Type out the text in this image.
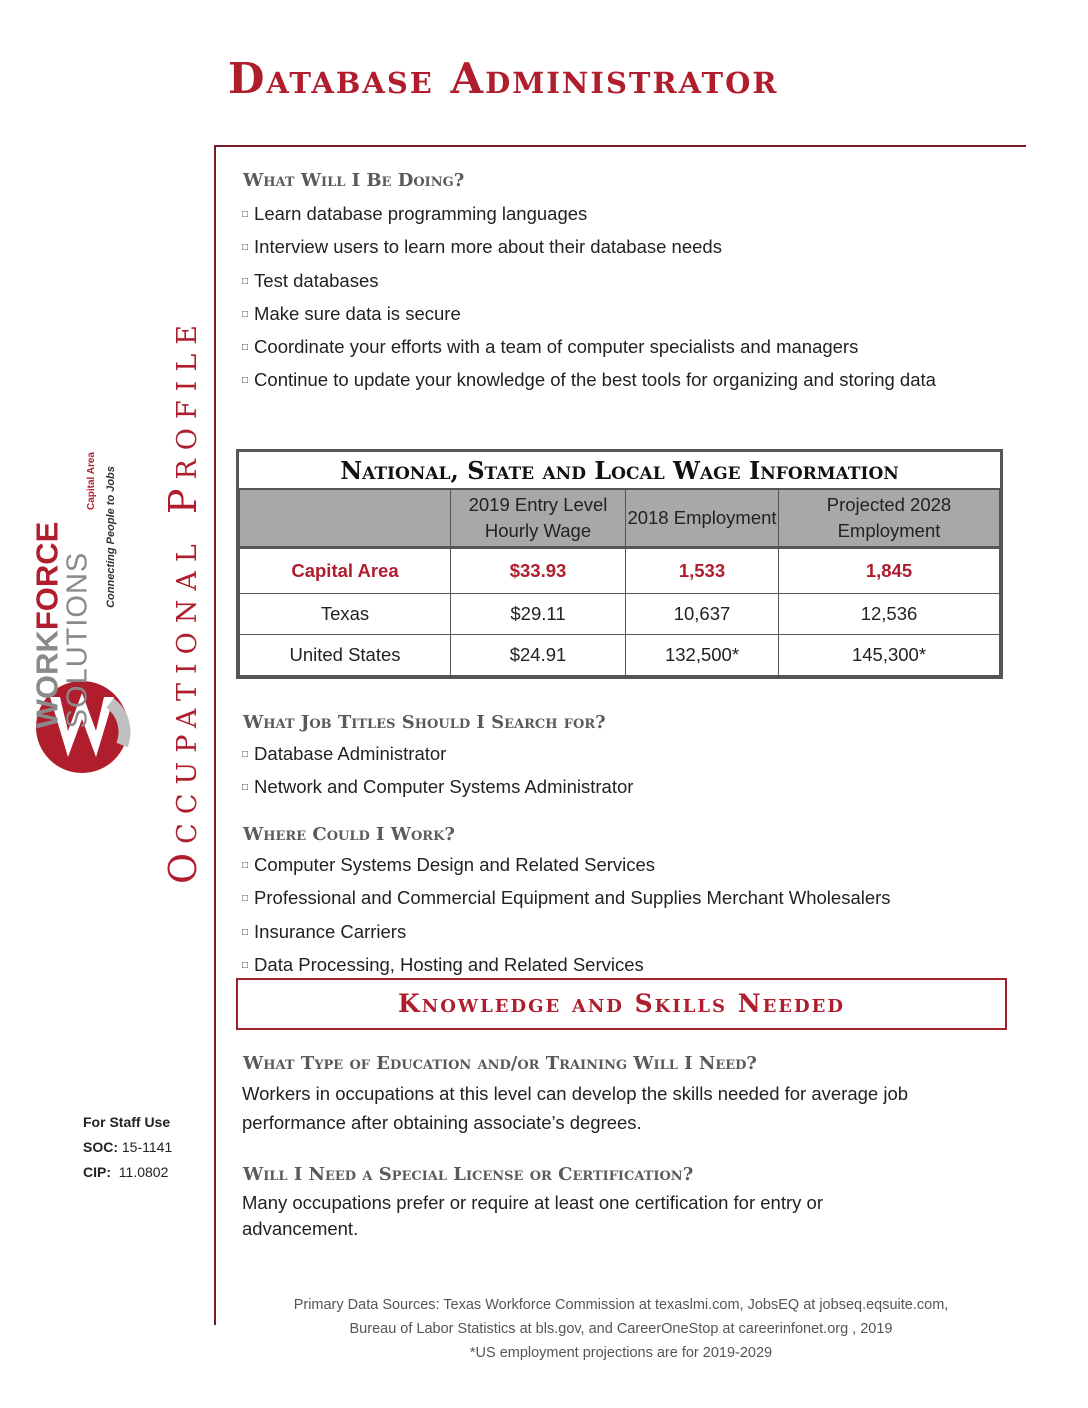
Database Administrator
Occupational Profile
WORKFORCE
SOLUTIONS
Capital Area Connecting People to Jobs
What Will I Be Doing?
□ Learn database programming languages
□ Interview users to learn more about their database needs
□ Test databases
□ Make sure data is secure
□ Coordinate your efforts with a team of computer specialists and managers
□ Continue to update your knowledge of the best tools for organizing and storing data
National, State and Local Wage Information
	2019 Entry Level Hourly Wage	2018 Employment	Projected 2028 Employment
Capital Area	$33.93	1,533	1,845
Texas	$29.11	10,637	12,536
United States	$24.91	132,500*	145,300*
What Job Titles Should I Search for?
□ Database Administrator
□ Network and Computer Systems Administrator
Where Could I Work?
□ Computer Systems Design and Related Services
□ Professional and Commercial Equipment and Supplies Merchant Wholesalers
□ Insurance Carriers
□ Data Processing, Hosting and Related Services
Knowledge and Skills Needed
What Type of Education and/or Training Will I Need?
Workers in occupations at this level can develop the skills needed for average job performance after obtaining associate’s degrees.
Will I Need a Special License or Certification?
Many occupations prefer or require at least one certification for entry or advancement.
For Staff Use
SOC: 15-1141
CIP: 11.0802
Primary Data Sources: Texas Workforce Commission at texaslmi.com, JobsEQ at jobseq.eqsuite.com,
Bureau of Labor Statistics at bls.gov, and CareerOneStop at careerinfonet.org , 2019
*US employment projections are for 2019-2029
